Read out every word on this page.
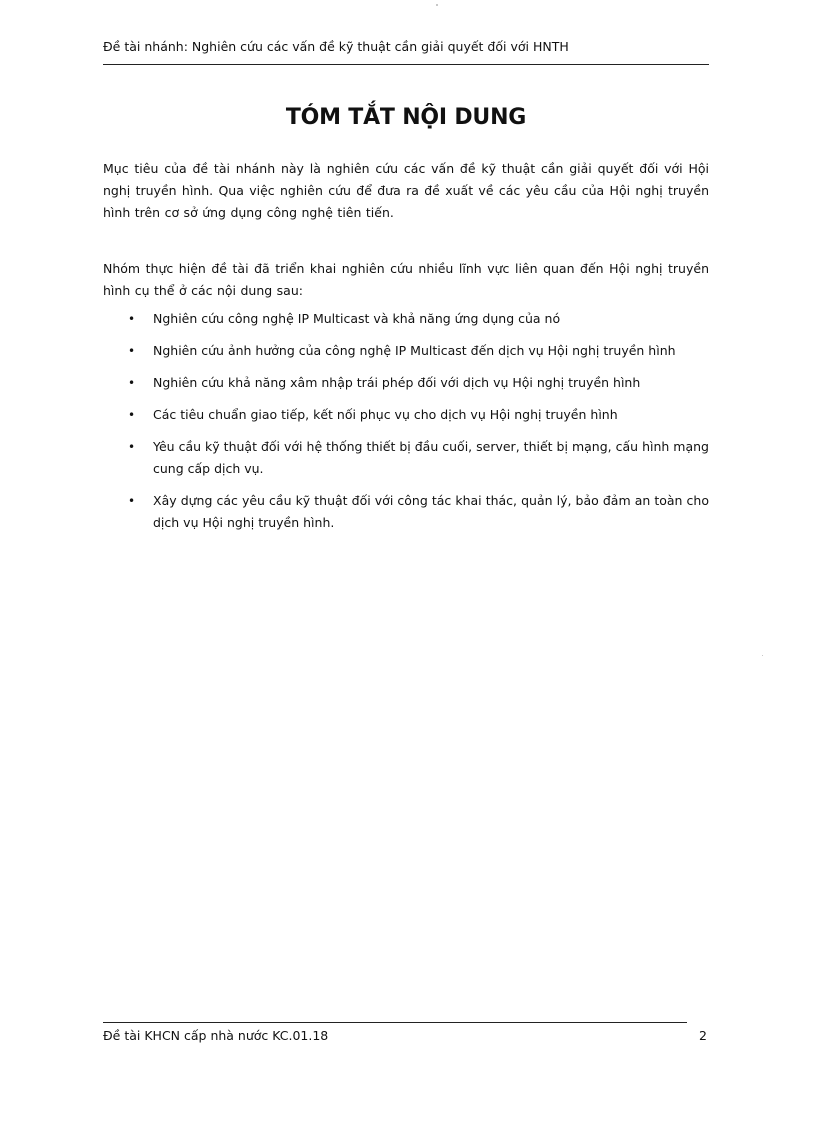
Đề tài nhánh: Nghiên cứu các vấn đề kỹ thuật cần giải quyết đối với HNTH
TÓM TẮT NỘI DUNG

Mục tiêu của đề tài nhánh này là nghiên cứu các vấn đề kỹ thuật cần giải quyết đối với Hội nghị truyền hình. Qua việc nghiên cứu để đưa ra đề xuất về các yêu cầu của Hội nghị truyền hình trên cơ sở ứng dụng công nghệ tiên tiến.

Nhóm thực hiện đề tài đã triển khai nghiên cứu nhiều lĩnh vực liên quan đến Hội nghị truyền hình cụ thể ở các nội dung sau:

• Nghiên cứu công nghệ IP Multicast và khả năng ứng dụng của nó
• Nghiên cứu ảnh hưởng của công nghệ IP Multicast đến dịch vụ Hội nghị truyền hình
• Nghiên cứu khả năng xâm nhập trái phép đối với dịch vụ Hội nghị truyền hình
• Các tiêu chuẩn giao tiếp, kết nối phục vụ cho dịch vụ Hội nghị truyền hình
• Yêu cầu kỹ thuật đối với hệ thống thiết bị đầu cuối, server, thiết bị mạng, cấu hình mạng cung cấp dịch vụ.
• Xây dựng các yêu cầu kỹ thuật đối với công tác khai thác, quản lý, bảo đảm an toàn cho dịch vụ Hội nghị truyền hình.
Đề tài KHCN cấp nhà nước KC.01.18	2
